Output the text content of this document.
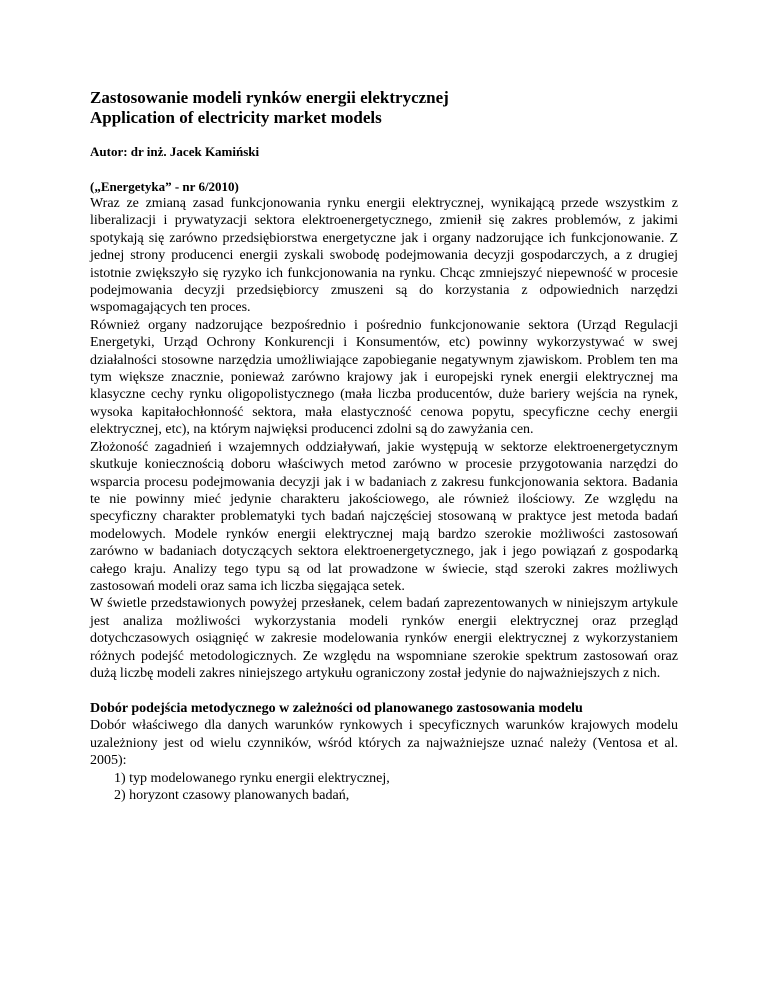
Zastosowanie modeli rynków energii elektrycznej
Application of electricity market models

Autor: dr inż. Jacek Kamiński

(„Energetyka” - nr 6/2010)

Wraz ze zmianą zasad funkcjonowania rynku energii elektrycznej, wynikającą przede wszystkim z liberalizacji i prywatyzacji sektora elektroenergetycznego, zmienił się zakres problemów, z jakimi spotykają się zarówno przedsiębiorstwa energetyczne jak i organy nadzorujące ich funkcjonowanie. Z jednej strony producenci energii zyskali swobodę podejmowania decyzji gospodarczych, a z drugiej istotnie zwiększyło się ryzyko ich funkcjonowania na rynku. Chcąc zmniejszyć niepewność w procesie podejmowania decyzji przedsiębiorcy zmuszeni są do korzystania z odpowiednich narzędzi wspomagających ten proces.

Również organy nadzorujące bezpośrednio i pośrednio funkcjonowanie sektora (Urząd Regulacji Energetyki, Urząd Ochrony Konkurencji i Konsumentów, etc) powinny wykorzystywać w swej działalności stosowne narzędzia umożliwiające zapobieganie negatywnym zjawiskom. Problem ten ma tym większe znacznie, ponieważ zarówno krajowy jak i europejski rynek energii elektrycznej ma klasyczne cechy rynku oligopolistycznego (mała liczba producentów, duże bariery wejścia na rynek, wysoka kapitałochłonność sektora, mała elastyczność cenowa popytu, specyficzne cechy energii elektrycznej, etc), na którym najwięksi producenci zdolni są do zawyżania cen.

Złożoność zagadnień i wzajemnych oddziaływań, jakie występują w sektorze elektroenergetycznym skutkuje koniecznością doboru właściwych metod zarówno w procesie przygotowania narzędzi do wsparcia procesu podejmowania decyzji jak i w badaniach z zakresu funkcjonowania sektora. Badania te nie powinny mieć jedynie charakteru jakościowego, ale również ilościowy. Ze względu na specyficzny charakter problematyki tych badań najczęściej stosowaną w praktyce jest metoda badań modelowych. Modele rynków energii elektrycznej mają bardzo szerokie możliwości zastosowań zarówno w badaniach dotyczących sektora elektroenergetycznego, jak i jego powiązań z gospodarką całego kraju. Analizy tego typu są od lat prowadzone w świecie, stąd szeroki zakres możliwych zastosowań modeli oraz sama ich liczba sięgająca setek.

W świetle przedstawionych powyżej przesłanek, celem badań zaprezentowanych w niniejszym artykule jest analiza możliwości wykorzystania modeli rynków energii elektrycznej oraz przegląd dotychczasowych osiągnięć w zakresie modelowania rynków energii elektrycznej z wykorzystaniem różnych podejść metodologicznych. Ze względu na wspomniane szerokie spektrum zastosowań oraz dużą liczbę modeli zakres niniejszego artykułu ograniczony został jedynie do najważniejszych z nich.

Dobór podejścia metodycznego w zależności od planowanego zastosowania modelu

Dobór właściwego dla danych warunków rynkowych i specyficznych warunków krajowych modelu uzależniony jest od wielu czynników, wśród których za najważniejsze uznać należy (Ventosa et al. 2005):

1) typ modelowanego rynku energii elektrycznej,
2) horyzont czasowy planowanych badań,
